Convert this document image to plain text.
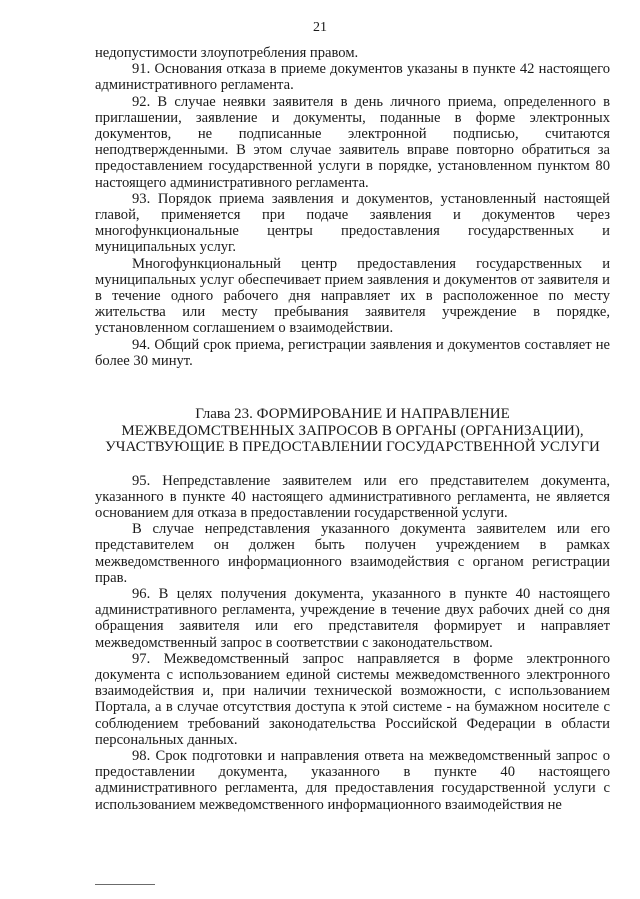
21

недопустимости злоупотребления правом.

91. Основания отказа в приеме документов указаны в пункте 42 настоящего административного регламента.

92. В случае неявки заявителя в день личного приема, определенного в приглашении, заявление и документы, поданные в форме электронных документов, не подписанные электронной подписью, считаются неподтвержденными. В этом случае заявитель вправе повторно обратиться за предоставлением государственной услуги в порядке, установленном пунктом 80 настоящего административного регламента.

93. Порядок приема заявления и документов, установленный настоящей главой, применяется при подаче заявления и документов через многофункциональные центры предоставления государственных и муниципальных услуг.

Многофункциональный центр предоставления государственных и муниципальных услуг обеспечивает прием заявления и документов от заявителя и в течение одного рабочего дня направляет их в расположенное по месту жительства или месту пребывания заявителя учреждение в порядке, установленном соглашением о взаимодействии.

94. Общий срок приема, регистрации заявления и документов составляет не более 30 минут.

Глава 23. ФОРМИРОВАНИЕ И НАПРАВЛЕНИЕ
МЕЖВЕДОМСТВЕННЫХ ЗАПРОСОВ В ОРГАНЫ (ОРГАНИЗАЦИИ),
УЧАСТВУЮЩИЕ В ПРЕДОСТАВЛЕНИИ ГОСУДАРСТВЕННОЙ УСЛУГИ

95. Непредставление заявителем или его представителем документа, указанного в пункте 40 настоящего административного регламента, не является основанием для отказа в предоставлении государственной услуги.

В случае непредставления указанного документа заявителем или его представителем он должен быть получен учреждением в рамках межведомственного информационного взаимодействия с органом регистрации прав.

96. В целях получения документа, указанного в пункте 40 настоящего административного регламента, учреждение в течение двух рабочих дней со дня обращения заявителя или его представителя формирует и направляет межведомственный запрос в соответствии с законодательством.

97. Межведомственный запрос направляется в форме электронного документа с использованием единой системы межведомственного электронного взаимодействия и, при наличии технической возможности, с использованием Портала, а в случае отсутствия доступа к этой системе - на бумажном носителе с соблюдением требований законодательства Российской Федерации в области персональных данных.

98. Срок подготовки и направления ответа на межведомственный запрос о предоставлении документа, указанного в пункте 40 настоящего административного регламента, для предоставления государственной услуги с использованием межведомственного информационного взаимодействия не
